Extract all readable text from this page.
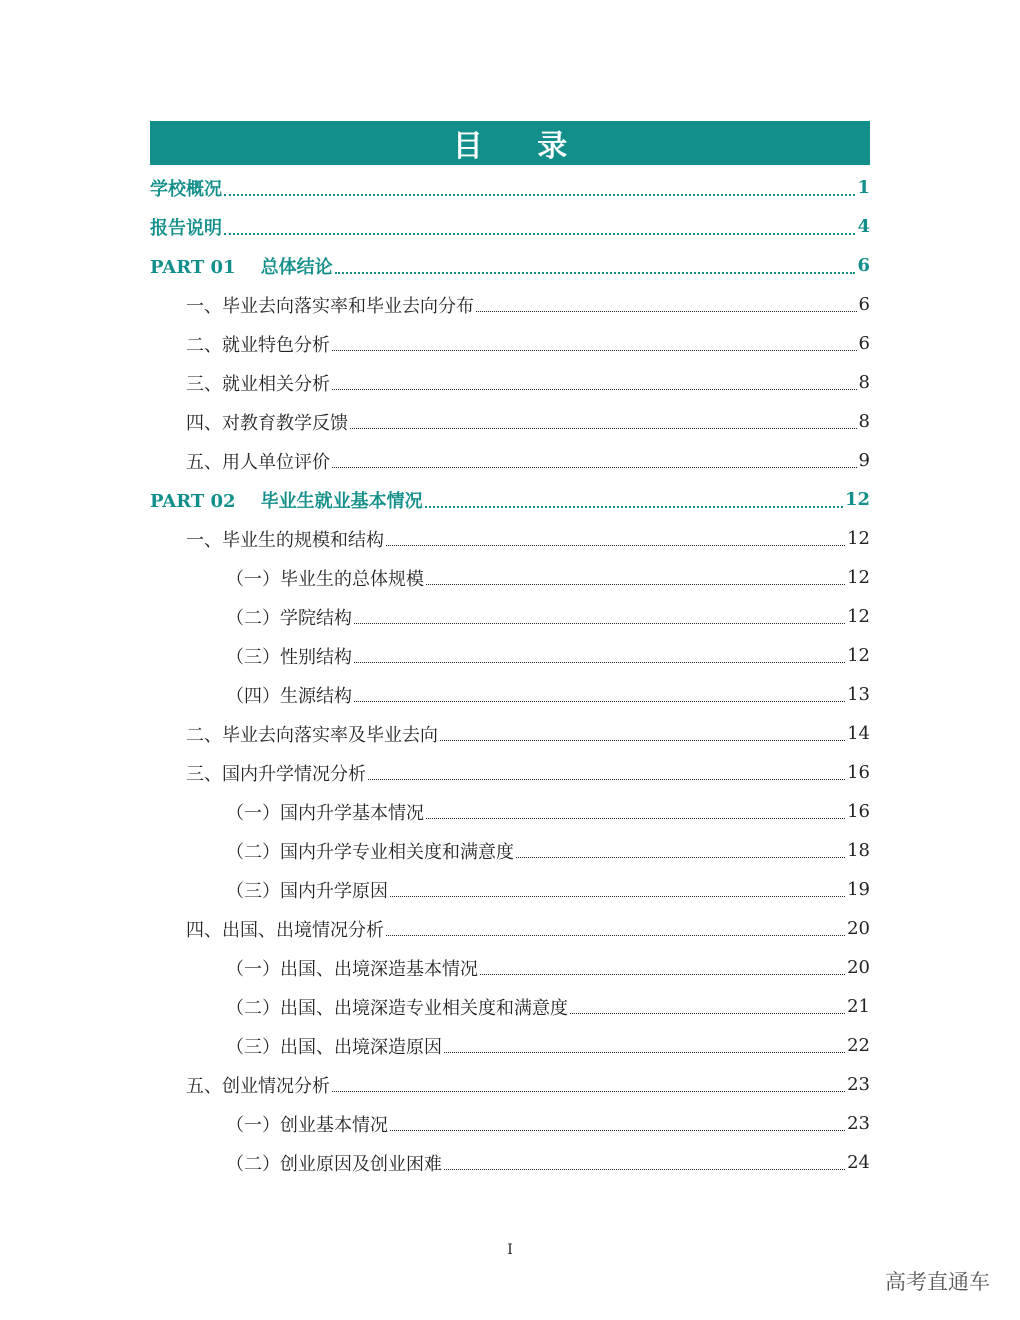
目 录
学校概况	1
报告说明	4
PART 01    总体结论	6
一、毕业去向落实率和毕业去向分布	6
二、就业特色分析	6
三、就业相关分析	8
四、对教育教学反馈	8
五、用人单位评价	9
PART 02    毕业生就业基本情况	12
一、毕业生的规模和结构	12
（一）毕业生的总体规模	12
（二）学院结构	12
（三）性别结构	12
（四）生源结构	13
二、毕业去向落实率及毕业去向	14
三、国内升学情况分析	16
（一）国内升学基本情况	16
（二）国内升学专业相关度和满意度	18
（三）国内升学原因	19
四、出国、出境情况分析	20
（一）出国、出境深造基本情况	20
（二）出国、出境深造专业相关度和满意度	21
（三）出国、出境深造原因	22
五、创业情况分析	23
（一）创业基本情况	23
（二）创业原因及创业困难	24
I
高考直通车
